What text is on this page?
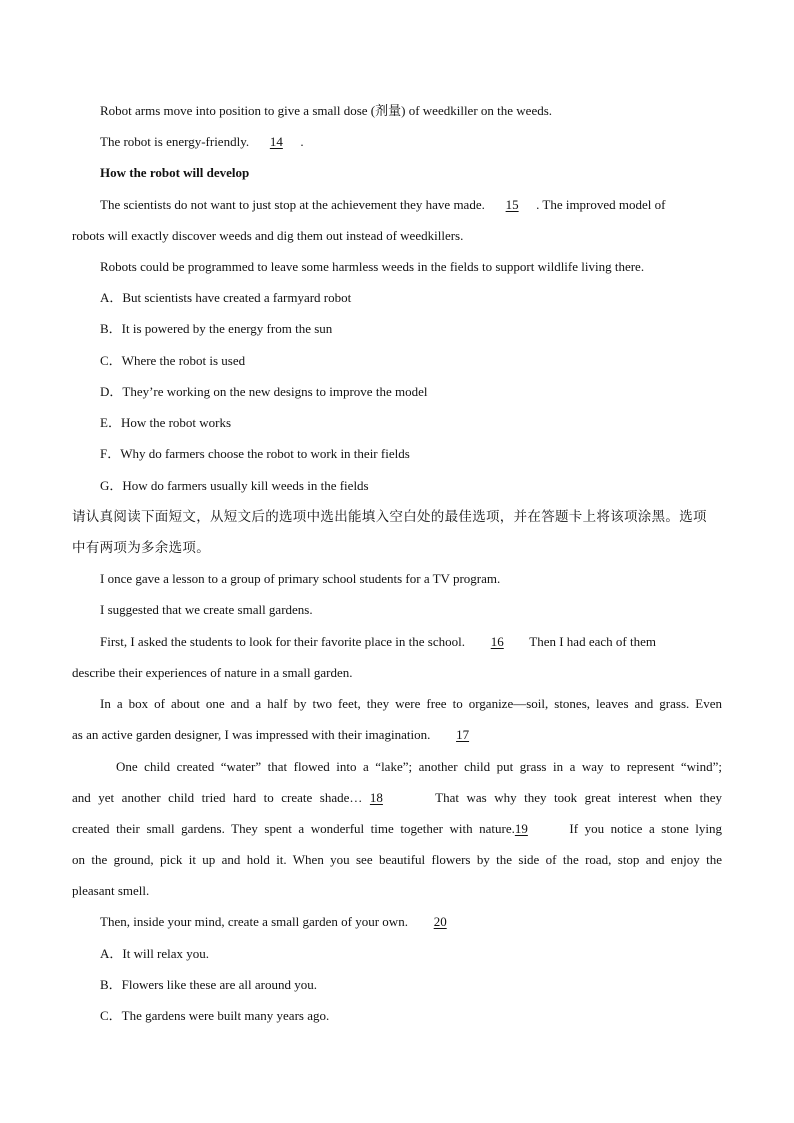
Robot arms move into position to give a small dose (剂量) of weedkiller on the weeds.
The robot is energy-friendly. 14 .
How the robot will develop
The scientists do not want to just stop at the achievement they have made. 15 . The improved model of
robots will exactly discover weeds and dig them out instead of weedkillers.
Robots could be programmed to leave some harmless weeds in the fields to support wildlife living there.
A．But scientists have created a farmyard robot
B．It is powered by the energy from the sun
C．Where the robot is used
D．They’re working on the new designs to improve the model
E．How the robot works
F．Why do farmers choose the robot to work in their fields
G．How do farmers usually kill weeds in the fields
请认真阅读下面短文，从短文后的选项中选出能填入空白处的最佳选项，并在答题卡上将该项涂黑。选项
中有两项为多余选项。
I once gave a lesson to a group of primary school students for a TV program.
I suggested that we create small gardens.
First, I asked the students to look for their favorite place in the school. 16 Then I had each of them
describe their experiences of nature in a small garden.
In a box of about one and a half by two feet, they were free to organize—soil, stones, leaves and grass. Even
as an active garden designer, I was impressed with their imagination. 17
One child created “water” that flowed into a “lake”; another child put grass in a way to represent “wind”;
and yet another child tried hard to create shade… 18	That was why they took great interest when they
created their small gardens. They spent a wonderful time together with nature.19	If you notice a stone lying
on the ground, pick it up and hold it. When you see beautiful flowers by the side of the road, stop and enjoy the
pleasant smell.
Then, inside your mind, create a small garden of your own. 20
A．It will relax you.
B．Flowers like these are all around you.
C．The gardens were built many years ago.
